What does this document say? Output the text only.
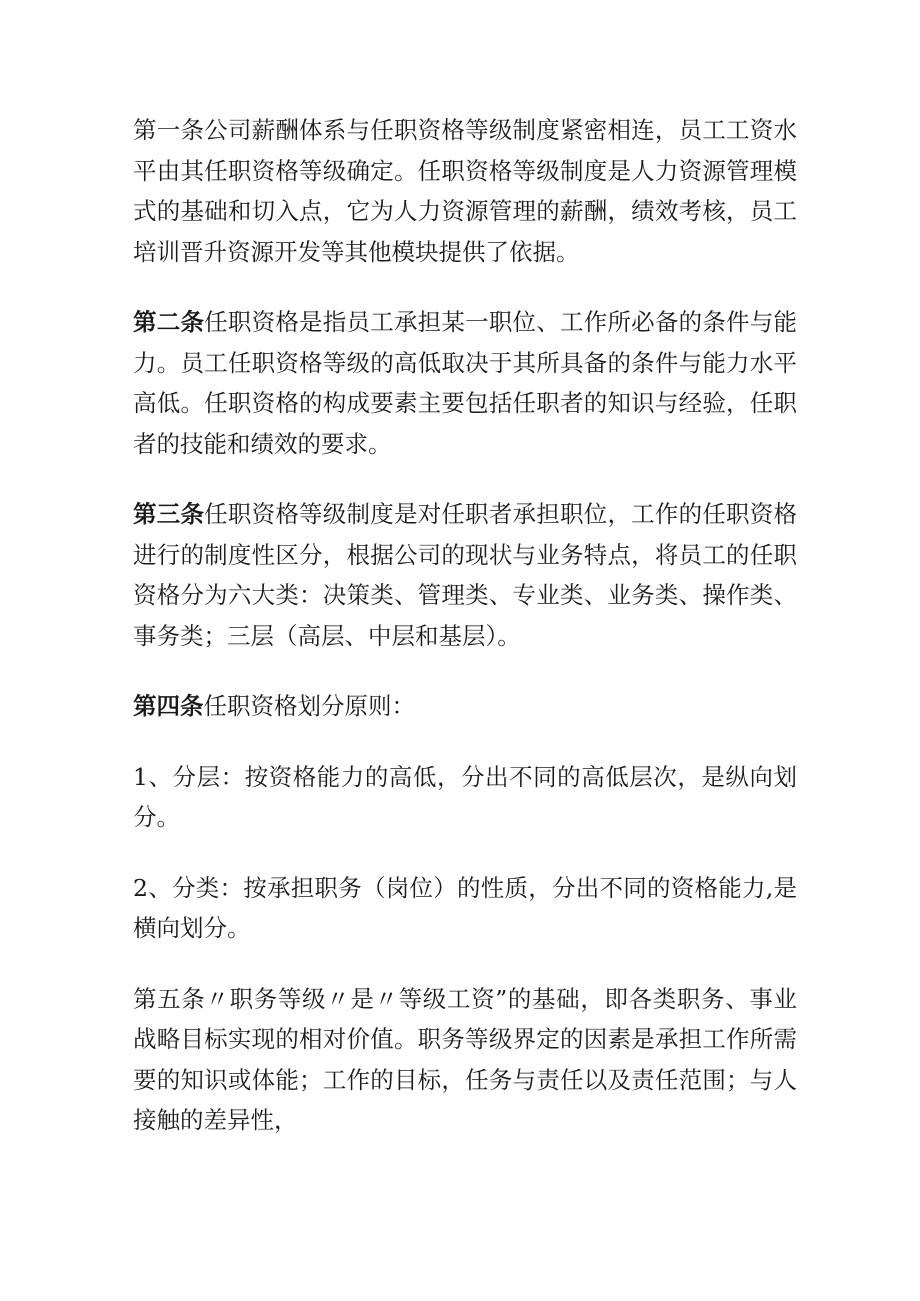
第一条公司薪酬体系与任职资格等级制度紧密相连，员工工资水平由其任职资格等级确定。任职资格等级制度是人力资源管理模式的基础和切入点，它为人力资源管理的薪酬，绩效考核，员工培训晋升资源开发等其他模块提供了依据。

第二条任职资格是指员工承担某一职位、工作所必备的条件与能力。员工任职资格等级的高低取决于其所具备的条件与能力水平高低。任职资格的构成要素主要包括任职者的知识与经验，任职者的技能和绩效的要求。

第三条任职资格等级制度是对任职者承担职位，工作的任职资格进行的制度性区分，根据公司的现状与业务特点，将员工的任职资格分为六大类：决策类、管理类、专业类、业务类、操作类、事务类；三层（高层、中层和基层）。

第四条任职资格划分原则：

1、分层：按资格能力的高低，分出不同的高低层次，是纵向划分。

2、分类：按承担职务（岗位）的性质，分出不同的资格能力,是横向划分。

第五条〃职务等级〃是〃等级工资”的基础，即各类职务、事业战略目标实现的相对价值。职务等级界定的因素是承担工作所需要的知识或体能；工作的目标，任务与责任以及责任范围；与人接触的差异性，
